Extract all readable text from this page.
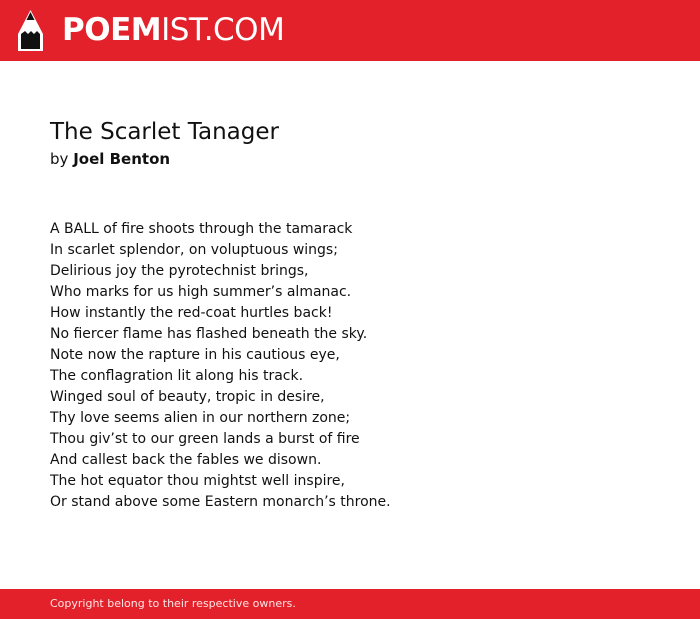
POEMIST.COM
The Scarlet Tanager
by Joel Benton
A BALL of fire shoots through the tamarack
In scarlet splendor, on voluptuous wings;
Delirious joy the pyrotechnist brings,
Who marks for us high summer’s almanac.
How instantly the red-coat hurtles back!
No fiercer flame has flashed beneath the sky.
Note now the rapture in his cautious eye,
The conflagration lit along his track.
Winged soul of beauty, tropic in desire,
Thy love seems alien in our northern zone;
Thou giv’st to our green lands a burst of fire
And callest back the fables we disown.
The hot equator thou mightst well inspire,
Or stand above some Eastern monarch’s throne.
Copyright belong to their respective owners.
